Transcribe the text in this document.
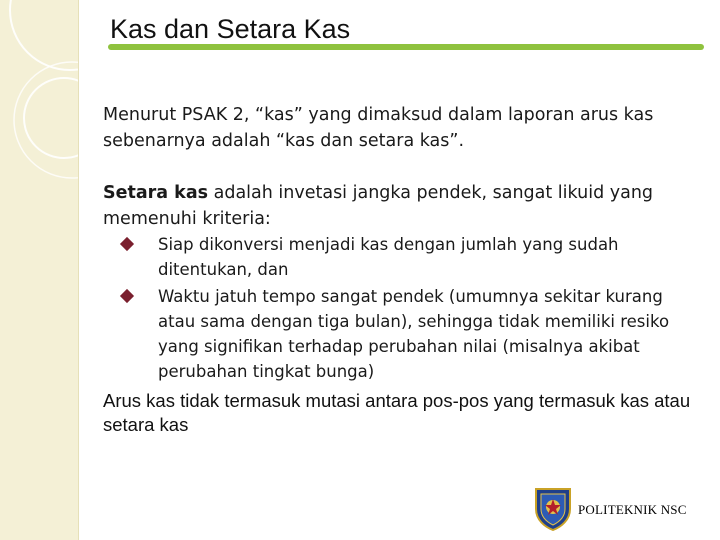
Kas dan Setara Kas

Menurut PSAK 2, “kas” yang dimaksud dalam laporan arus kas sebenarnya adalah “kas dan setara kas”.

Setara kas adalah invetasi jangka pendek, sangat likuid yang memenuhi kriteria:

Siap dikonversi menjadi kas dengan jumlah yang sudah ditentukan, dan
Waktu jatuh tempo sangat pendek (umumnya sekitar kurang atau sama dengan tiga bulan), sehingga tidak memiliki resiko yang signifikan terhadap perubahan nilai (misalnya akibat perubahan tingkat bunga)
Arus kas tidak termasuk mutasi antara pos-pos yang termasuk kas atau setara kas
POLITEKNIK NSC
